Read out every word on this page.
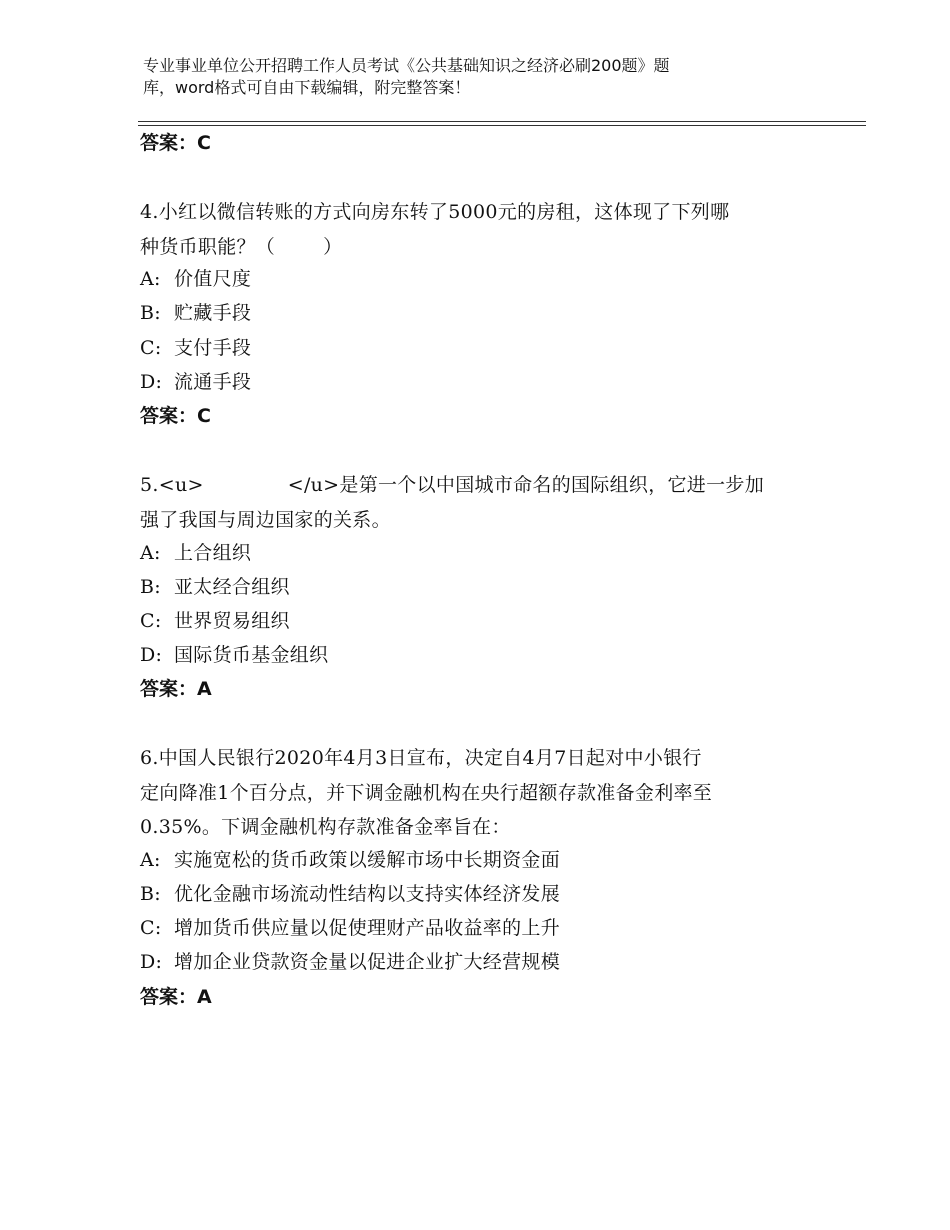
专业事业单位公开招聘工作人员考试《公共基础知识之经济必刷200题》题
库，word格式可自由下载编辑，附完整答案！
答案：C
4.小红以微信转账的方式向房东转了5000元的房租，这体现了下列哪
种货币职能？（	）
A: 价值尺度
B: 贮藏手段
C: 支付手段
D: 流通手段
答案：C
5.<u>	</u>是第一个以中国城市命名的国际组织，它进一步加
强了我国与周边国家的关系。
A: 上合组织
B: 亚太经合组织
C: 世界贸易组织
D: 国际货币基金组织
答案：A
6.中国人民银行2020年4月3日宣布，决定自4月7日起对中小银行
定向降准1个百分点，并下调金融机构在央行超额存款准备金利率至
0.35%。下调金融机构存款准备金率旨在：
A: 实施宽松的货币政策以缓解市场中长期资金面
B: 优化金融市场流动性结构以支持实体经济发展
C: 增加货币供应量以促使理财产品收益率的上升
D: 增加企业贷款资金量以促进企业扩大经营规模
答案：A
